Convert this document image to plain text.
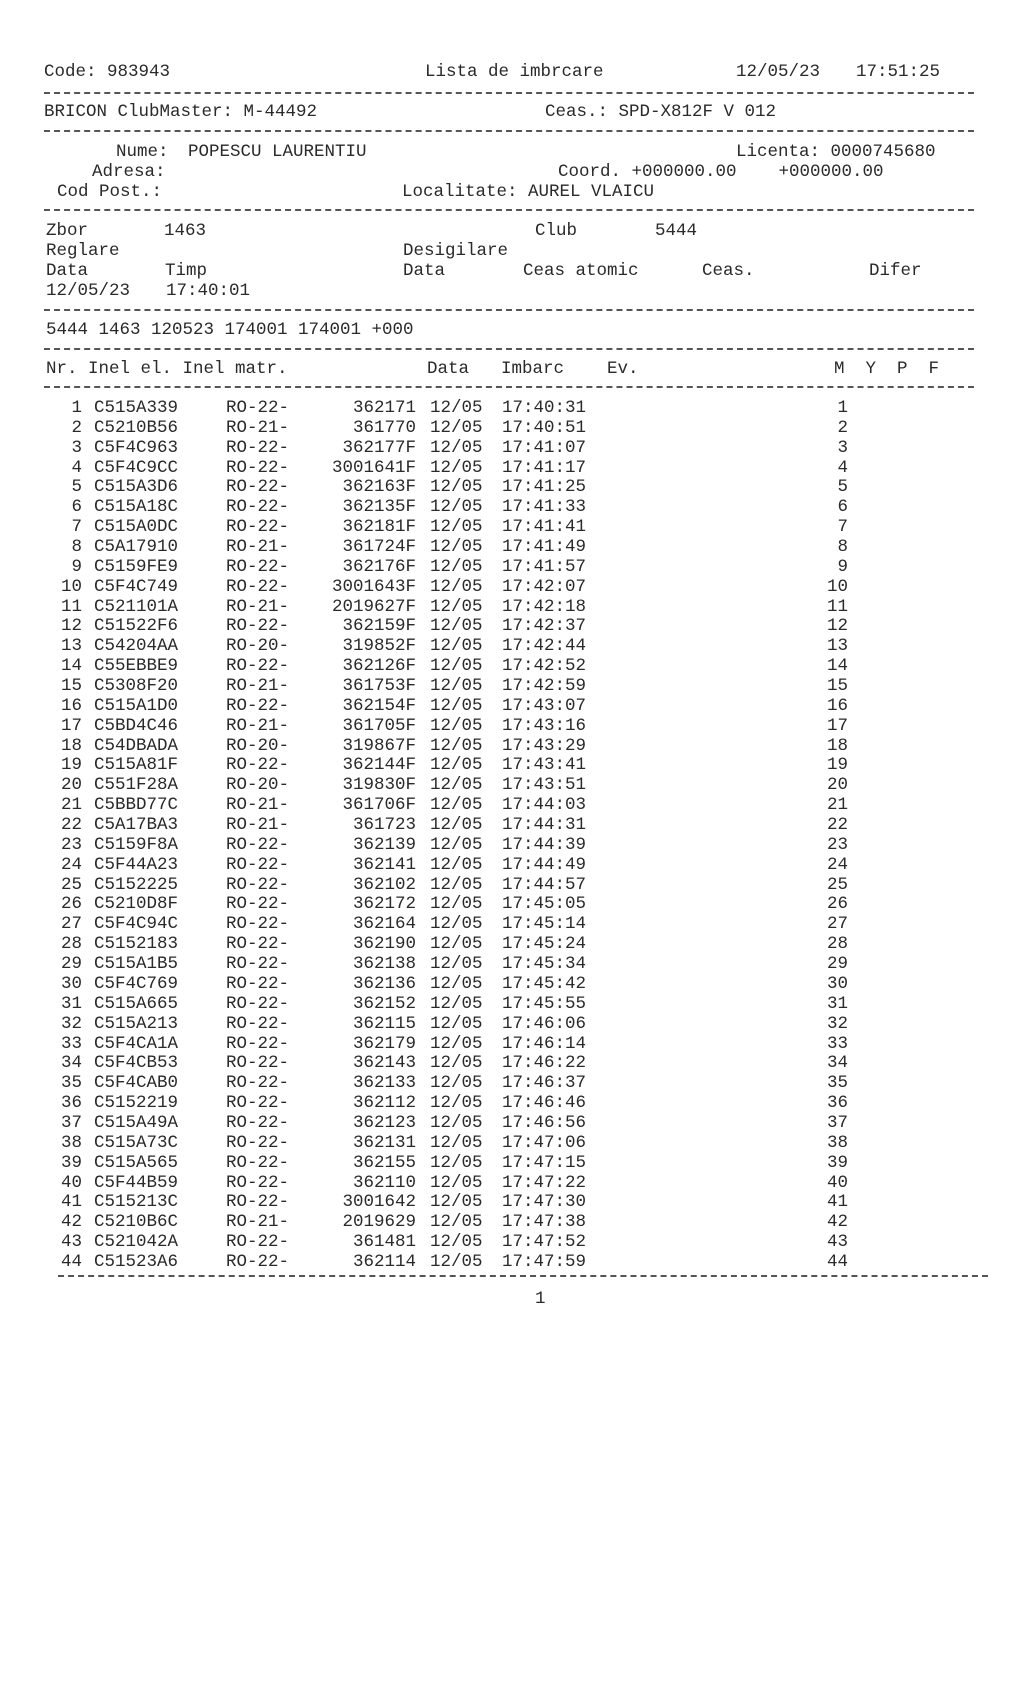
Code: 983943	Lista de imbrcare	12/05/23 17:51:25
BRICON ClubMaster: M-44492	Ceas.: SPD-X812F V 012
Nume: POPESCU LAURENTIU	Licenta: 0000745680
Adresa:	Coord. +000000.00    +000000.00
Cod Post.:	Localitate: AUREL VLAICU
Zbor	1463	Club	5444
Reglare	Desigilare
Data	Timp	Data	Ceas atomic	Ceas.	Difer
12/05/23 17:40:01
5444 1463 120523 174001 174001 +000
Nr. Inel el. Inel matr.	Data Imbarc Ev.	M  Y  P  F
1 C515A339	RO-22-	362171 12/05 17:40:31	1
2 C5210B56	RO-21-	361770 12/05 17:40:51	2
3 C5F4C963	RO-22-	362177F 12/05 17:41:07	3
4 C5F4C9CC	RO-22-	3001641F 12/05 17:41:17	4
5 C515A3D6	RO-22-	362163F 12/05 17:41:25	5
6 C515A18C	RO-22-	362135F 12/05 17:41:33	6
7 C515A0DC	RO-22-	362181F 12/05 17:41:41	7
8 C5A17910	RO-21-	361724F 12/05 17:41:49	8
9 C5159FE9	RO-22-	362176F 12/05 17:41:57	9
10 C5F4C749	RO-22-	3001643F 12/05 17:42:07	10
11 C521101A	RO-21-	2019627F 12/05 17:42:18	11
12 C51522F6	RO-22-	362159F 12/05 17:42:37	12
13 C54204AA	RO-20-	319852F 12/05 17:42:44	13
14 C55EBBE9	RO-22-	362126F 12/05 17:42:52	14
15 C5308F20	RO-21-	361753F 12/05 17:42:59	15
16 C515A1D0	RO-22-	362154F 12/05 17:43:07	16
17 C5BD4C46	RO-21-	361705F 12/05 17:43:16	17
18 C54DBADA	RO-20-	319867F 12/05 17:43:29	18
19 C515A81F	RO-22-	362144F 12/05 17:43:41	19
20 C551F28A	RO-20-	319830F 12/05 17:43:51	20
21 C5BBD77C	RO-21-	361706F 12/05 17:44:03	21
22 C5A17BA3	RO-21-	361723 12/05 17:44:31	22
23 C5159F8A	RO-22-	362139 12/05 17:44:39	23
24 C5F44A23	RO-22-	362141 12/05 17:44:49	24
25 C5152225	RO-22-	362102 12/05 17:44:57	25
26 C5210D8F	RO-22-	362172 12/05 17:45:05	26
27 C5F4C94C	RO-22-	362164 12/05 17:45:14	27
28 C5152183	RO-22-	362190 12/05 17:45:24	28
29 C515A1B5	RO-22-	362138 12/05 17:45:34	29
30 C5F4C769	RO-22-	362136 12/05 17:45:42	30
31 C515A665	RO-22-	362152 12/05 17:45:55	31
32 C515A213	RO-22-	362115 12/05 17:46:06	32
33 C5F4CA1A	RO-22-	362179 12/05 17:46:14	33
34 C5F4CB53	RO-22-	362143 12/05 17:46:22	34
35 C5F4CAB0	RO-22-	362133 12/05 17:46:37	35
36 C5152219	RO-22-	362112 12/05 17:46:46	36
37 C515A49A	RO-22-	362123 12/05 17:46:56	37
38 C515A73C	RO-22-	362131 12/05 17:47:06	38
39 C515A565	RO-22-	362155 12/05 17:47:15	39
40 C5F44B59	RO-22-	362110 12/05 17:47:22	40
41 C515213C	RO-22-	3001642 12/05 17:47:30	41
42 C5210B6C	RO-21-	2019629 12/05 17:47:38	42
43 C521042A	RO-22-	361481 12/05 17:47:52	43
44 C51523A6	RO-22-	362114 12/05 17:47:59	44
1
